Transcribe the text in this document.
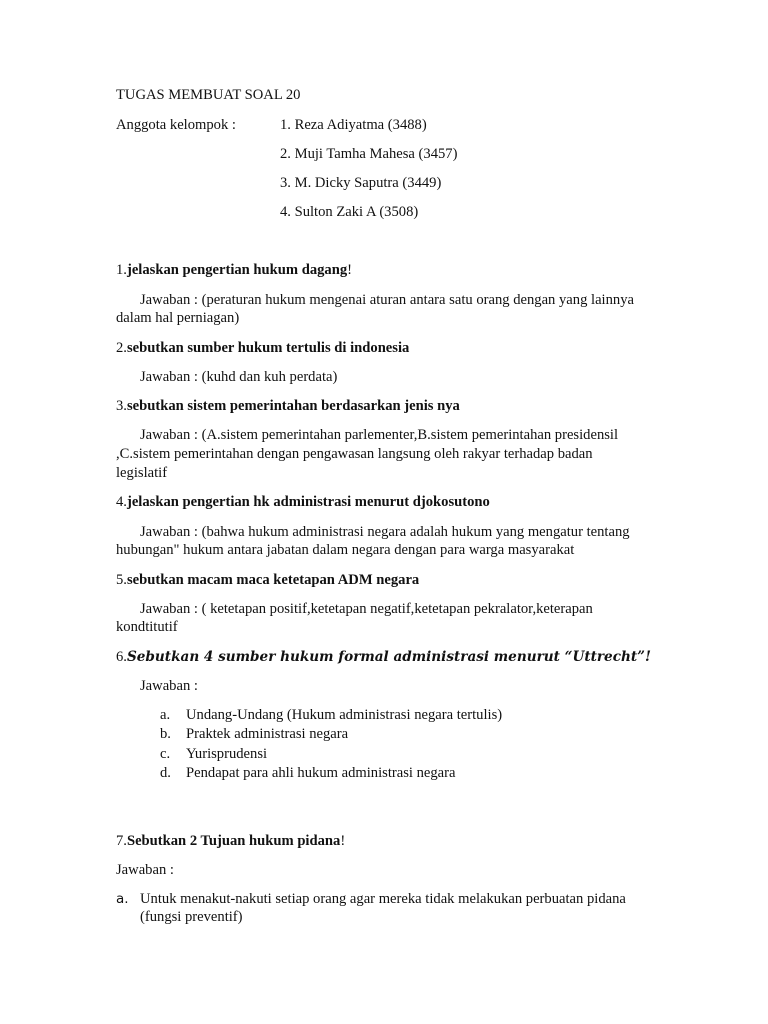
TUGAS MEMBUAT SOAL 20
Anggota kelompok :	1. Reza Adiyatma (3488)
2. Muji Tamha Mahesa (3457)
3. M. Dicky Saputra (3449)
4. Sulton Zaki A (3508)
1.jelaskan pengertian hukum dagang!
Jawaban : (peraturan hukum mengenai aturan antara satu orang dengan yang lainnya
dalam hal perniagan)
2.sebutkan sumber hukum tertulis di indonesia
Jawaban : (kuhd dan kuh perdata)
3.sebutkan sistem pemerintahan berdasarkan jenis nya
Jawaban : (A.sistem pemerintahan parlementer,B.sistem pemerintahan presidensil
,C.sistem pemerintahan dengan pengawasan langsung oleh rakyar terhadap badan
legislatif
4.jelaskan pengertian hk administrasi menurut djokosutono
Jawaban : (bahwa hukum administrasi negara adalah hukum yang mengatur tentang
hubungan" hukum antara jabatan dalam negara dengan para warga masyarakat
5.sebutkan macam maca ketetapan ADM negara
Jawaban : ( ketetapan positif,ketetapan negatif,ketetapan pekralator,keterapan
kondtitutif
6.Sebutkan 4 sumber hukum formal administrasi menurut “Uttrecht”!
Jawaban :
a. Undang-Undang (Hukum administrasi negara tertulis)
b. Praktek administrasi negara
c. Yurisprudensi
d. Pendapat para ahli hukum administrasi negara
7.Sebutkan 2 Tujuan hukum pidana!
Jawaban :
a. Untuk menakut-nakuti setiap orang agar mereka tidak melakukan perbuatan pidana
(fungsi preventif)
